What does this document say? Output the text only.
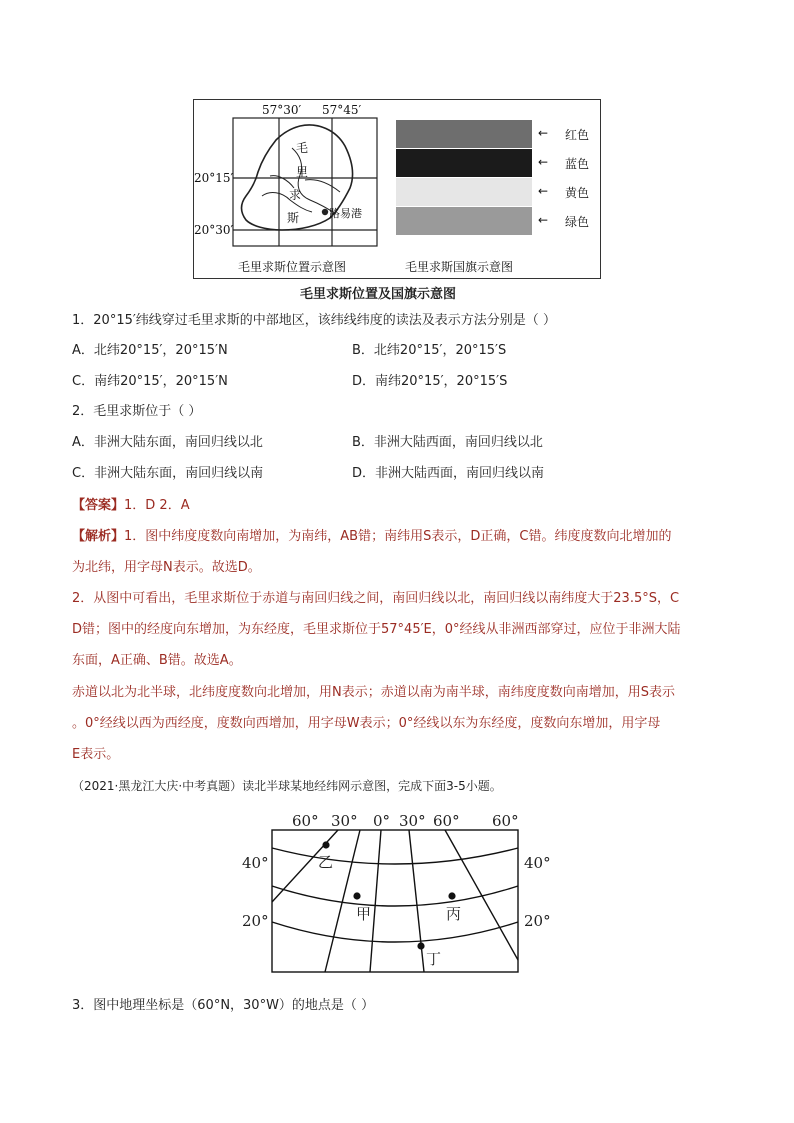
57°30′ 57°45′
20°15′
20°30′
毛
里
求
斯	路易港
毛里求斯位置示意图
← 红色
← 蓝色
← 黄色
← 绿色
毛里求斯国旗示意图
毛里求斯位置及国旗示意图
1．20°15′纬线穿过毛里求斯的中部地区，该纬线纬度的读法及表示方法分别是（ ）
A．北纬20°15′，20°15′N	B．北纬20°15′，20°15′S
C．南纬20°15′，20°15′N	D．南纬20°15′，20°15′S
2．毛里求斯位于（ ）
A．非洲大陆东面，南回归线以北	B．非洲大陆西面，南回归线以北
C．非洲大陆东面，南回归线以南	D．非洲大陆西面，南回归线以南
【答案】1．D 2．A
【解析】1．图中纬度度数向南增加，为南纬，AB错；南纬用S表示，D正确，C错。纬度度数向北增加的
为北纬，用字母N表示。故选D。
2．从图中可看出，毛里求斯位于赤道与南回归线之间，南回归线以北，南回归线以南纬度大于23.5°S，C
D错；图中的经度向东增加，为东经度，毛里求斯位于57°45′E，0°经线从非洲西部穿过，应位于非洲大陆
东面，A正确、B错。故选A。
赤道以北为北半球，北纬度度数向北增加，用N表示；赤道以南为南半球，南纬度度数向南增加，用S表示
。0°经线以西为西经度，度数向西增加，用字母W表示；0°经线以东为东经度，度数向东增加，用字母
E表示。
（2021·黑龙江大庆·中考真题）读北半球某地经纬网示意图，完成下面3-5小题。
60° 30° 0° 30° 60° 60°
40°
20°
40°
20°
乙
甲	丙
丁
3．图中地理坐标是（60°N，30°W）的地点是（ ）
